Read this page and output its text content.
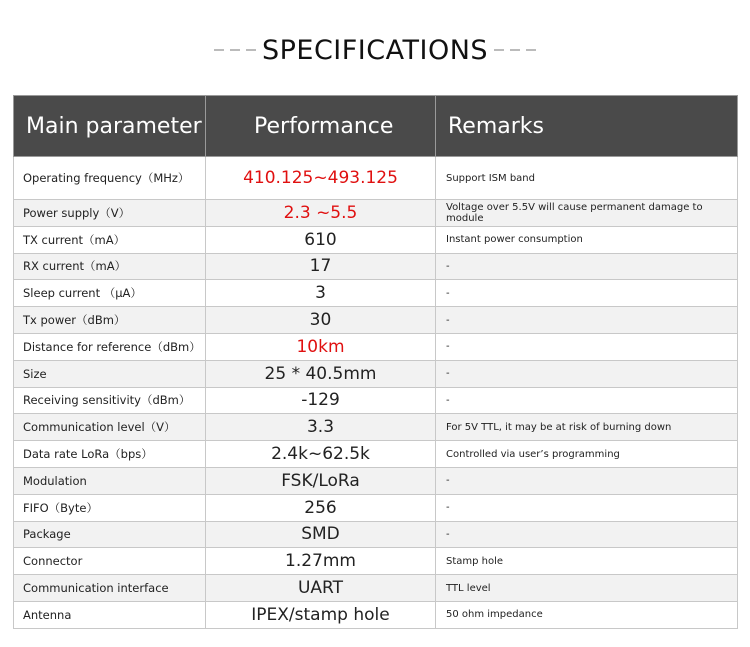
SPECIFICATIONS
Main parameter	Performance	Remarks
Operating frequency（MHz）	410.125~493.125	Support ISM band
Power supply（V）	2.3 ~5.5	Voltage over 5.5V will cause permanent damage to module
TX current（mA）	610	Instant power consumption
RX current（mA）	17	-
Sleep current （μA）	3	-
Tx power（dBm）	30	-
Distance for reference（dBm）	10km	-
Size	25 * 40.5mm	-
Receiving sensitivity（dBm）	-129	-
Communication level（V）	3.3	For 5V TTL, it may be at risk of burning down
Data rate LoRa（bps）	2.4k~62.5k	Controlled via user’s programming
Modulation	FSK/LoRa	-
FIFO（Byte）	256	-
Package	SMD	-
Connector	1.27mm	Stamp hole
Communication interface	UART	TTL level
Antenna	IPEX/stamp hole	50 ohm impedance
